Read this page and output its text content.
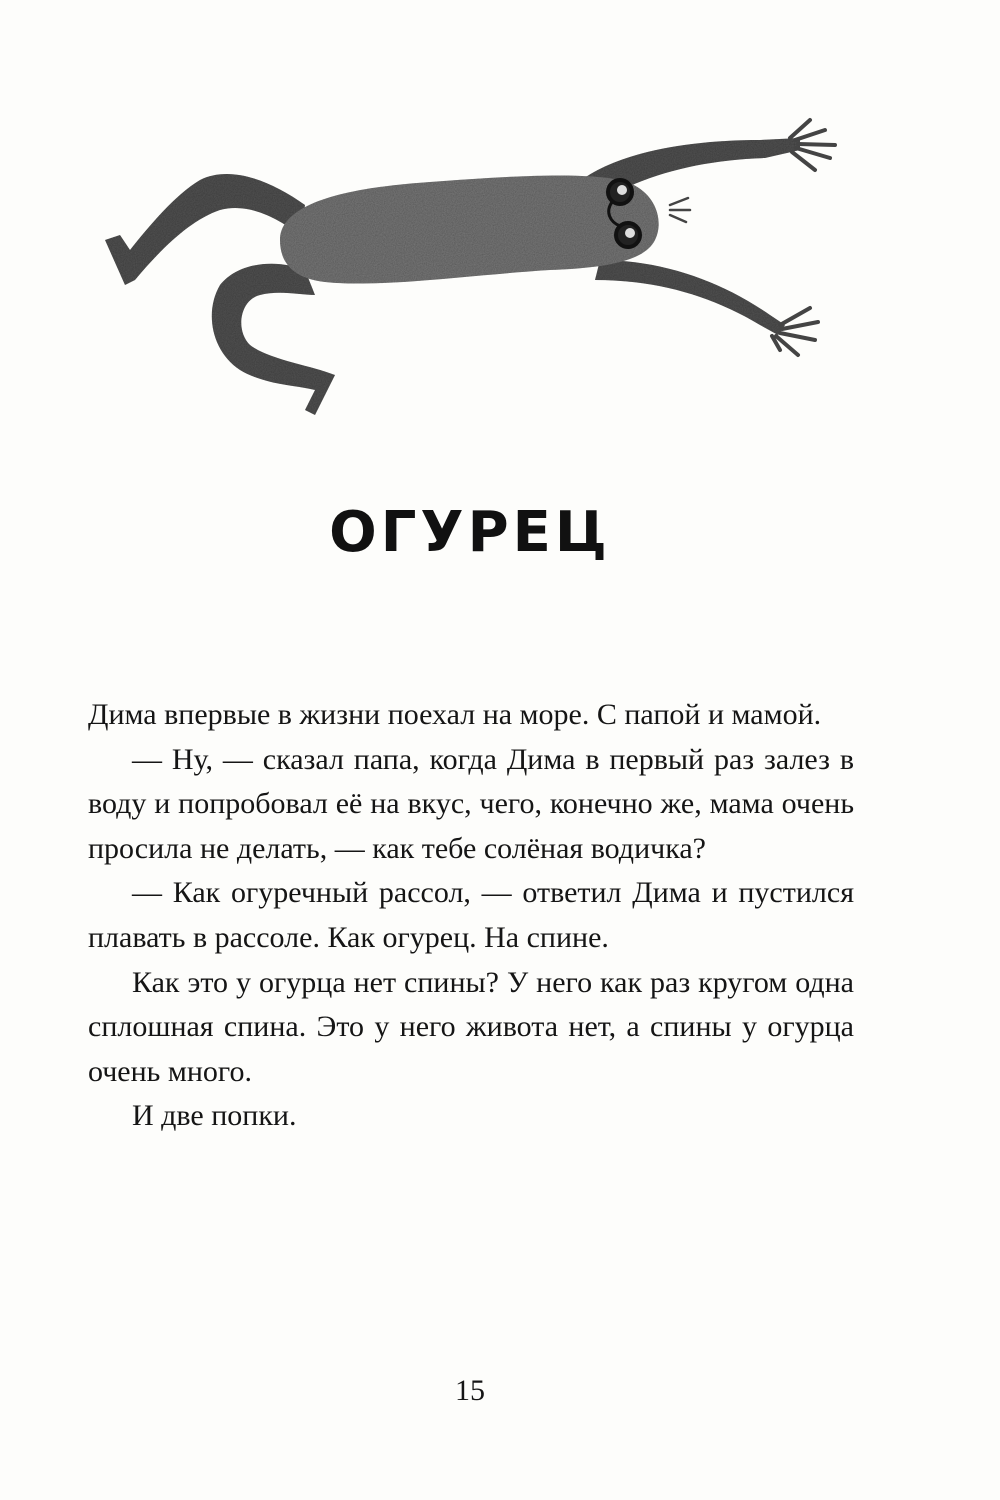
ОГУРЕЦ

Дима впервые в жизни поехал на море. С папой и мамой.

— Ну, — сказал папа, когда Дима в первый раз залез в воду и попробовал её на вкус, чего, конечно же, мама очень просила не делать, — как тебе солёная водичка?

— Как огуречный рассол, — ответил Дима и пустился плавать в рассоле. Как огурец. На спине.

Как это у огурца нет спины? У него как раз кругом одна сплошная спина. Это у него живота нет, а спины у огурца очень много.

И две попки.

15
